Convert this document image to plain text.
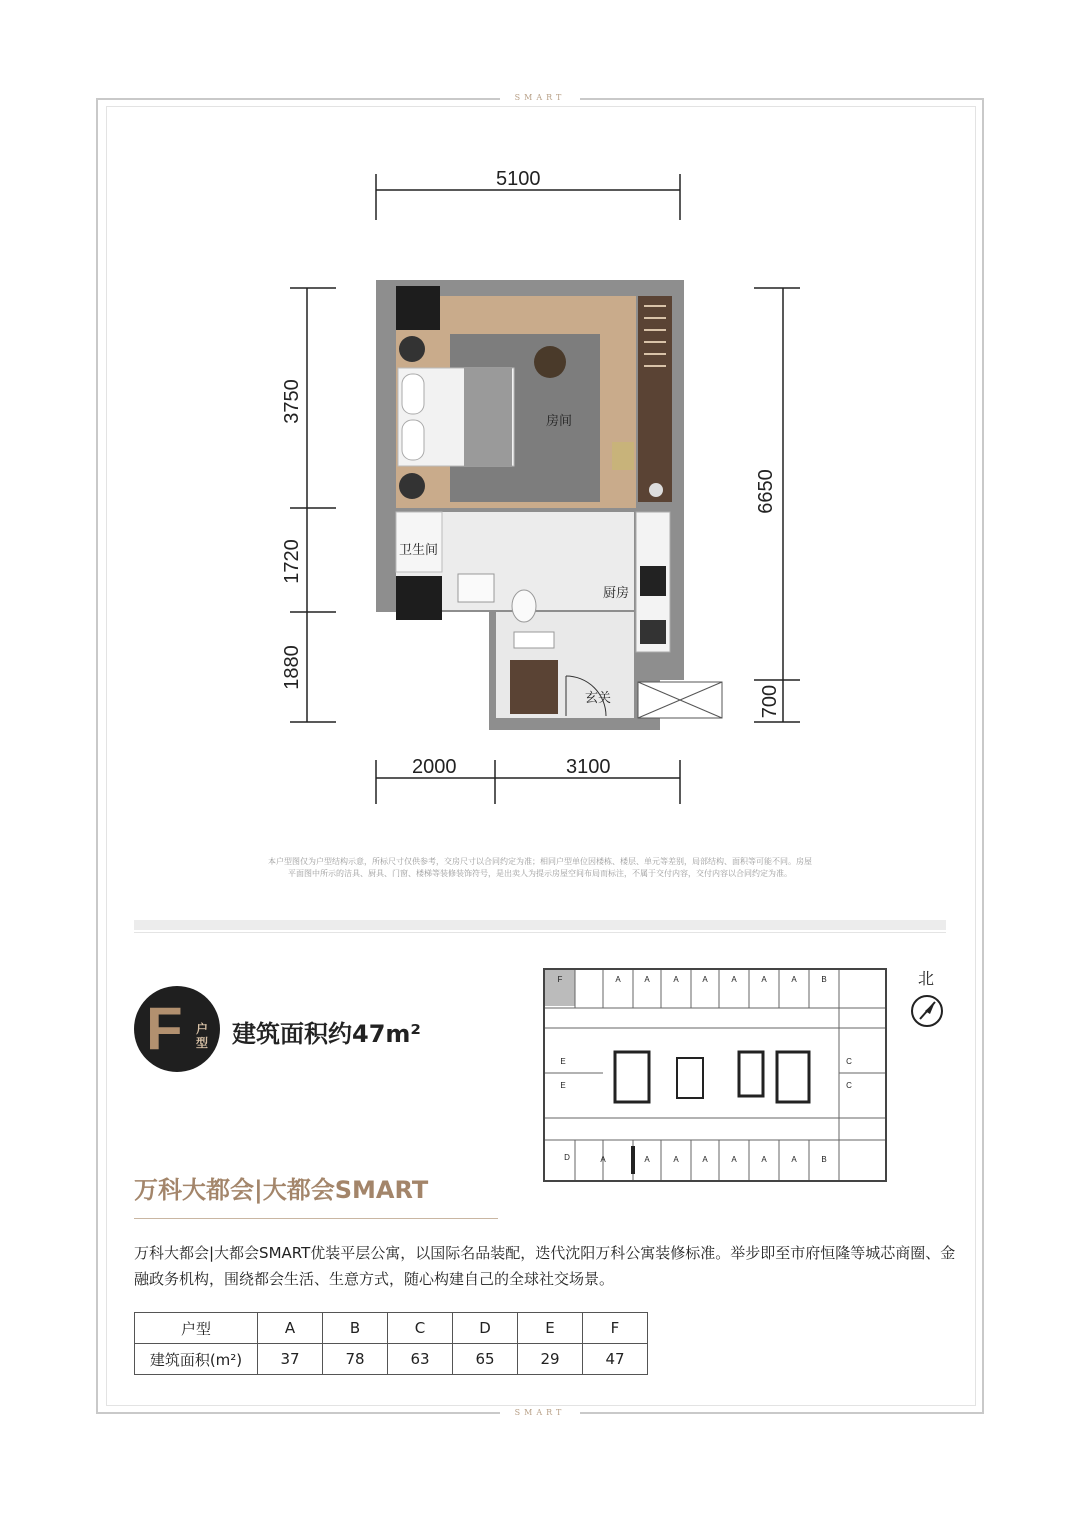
SMART
SMART
5100
3750
1720
1880
6650
700
2000	3100
房间
卫生间
厨房
玄关
本户型图仅为户型结构示意，所标尺寸仅供参考，交房尺寸以合同约定为准；相同户型单位因楼栋、楼层、单元等差别，局部结构、面积等可能不同。房屋
平面图中所示的洁具、厨具、门窗、楼梯等装修装饰符号，是出卖人为提示房屋空间布局而标注，不属于交付内容，交付内容以合同约定为准。
F 户型 建筑面积约47m²
F	A	A	A	A	A	A	A	B
E
E
C
C
D	A	A	A	A	A	A
A	B
北
万科大都会|大都会SMART
万科大都会|大都会SMART优装平层公寓，以国际名品装配，迭代沈阳万科公寓装修标准。举步即至市府恒隆等城芯商圈、金融政务机构，围绕都会生活、生意方式，随心构建自己的全球社交场景。
户型	A	B	C	D	E	F
建筑面积(m²)	37	78	63	65	29	47
